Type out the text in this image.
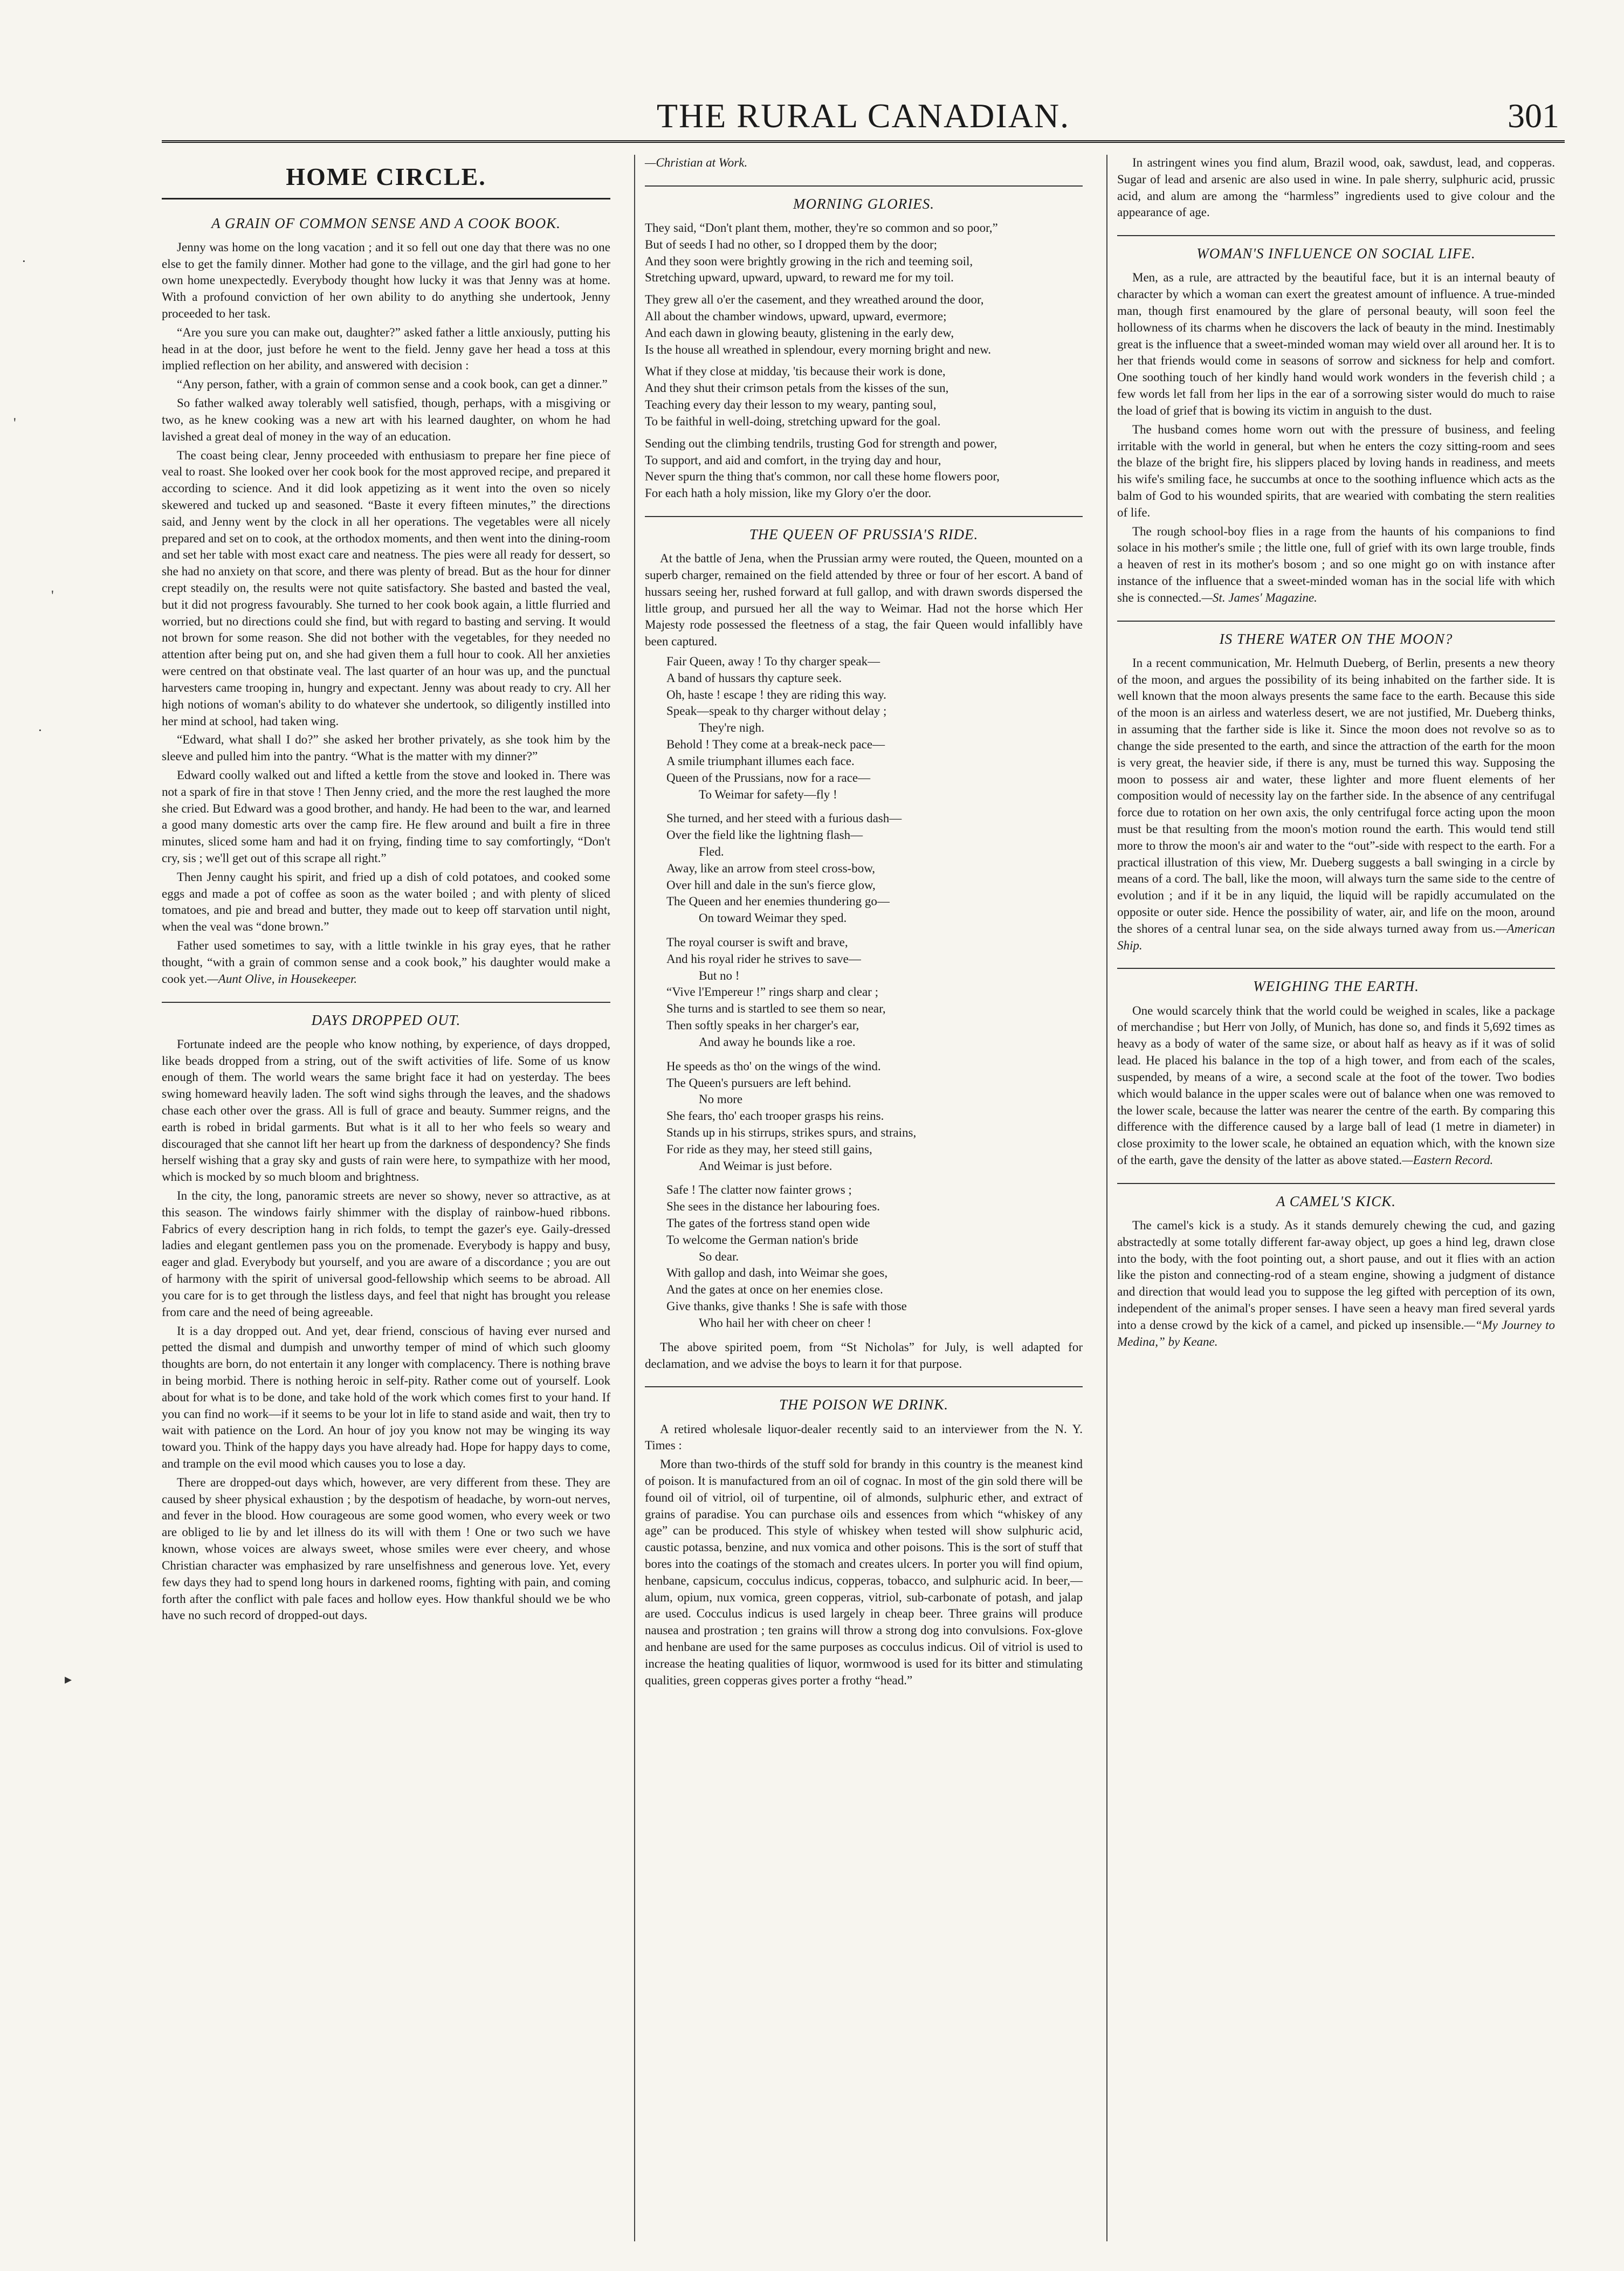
·
'
'
·
▸
THE RURAL CANADIAN.	301
HOME CIRCLE.
A GRAIN OF COMMON SENSE AND A COOK BOOK.

Jenny was home on the long vacation ; and it so fell out one day that there was no one else to get the family dinner. Mother had gone to the village, and the girl had gone to her own home unexpectedly. Everybody thought how lucky it was that Jenny was at home. With a profound conviction of her own ability to do anything she undertook, Jenny proceeded to her task.

“Are you sure you can make out, daughter?” asked father a little anxiously, putting his head in at the door, just before he went to the field. Jenny gave her head a toss at this implied reflection on her ability, and answered with decision :

“Any person, father, with a grain of common sense and a cook book, can get a dinner.”

So father walked away tolerably well satisfied, though, perhaps, with a misgiving or two, as he knew cooking was a new art with his learned daughter, on whom he had lavished a great deal of money in the way of an education.

The coast being clear, Jenny proceeded with enthusiasm to prepare her fine piece of veal to roast. She looked over her cook book for the most approved recipe, and prepared it according to science. And it did look appetizing as it went into the oven so nicely skewered and tucked up and seasoned. “Baste it every fifteen minutes,” the directions said, and Jenny went by the clock in all her operations. The vegetables were all nicely prepared and set on to cook, at the orthodox moments, and then went into the dining-room and set her table with most exact care and neatness. The pies were all ready for dessert, so she had no anxiety on that score, and there was plenty of bread. But as the hour for dinner crept steadily on, the results were not quite satisfactory. She basted and basted the veal, but it did not progress favourably. She turned to her cook book again, a little flurried and worried, but no directions could she find, but with regard to basting and serving. It would not brown for some reason. She did not bother with the vegetables, for they needed no attention after being put on, and she had given them a full hour to cook. All her anxieties were centred on that obstinate veal. The last quarter of an hour was up, and the punctual harvesters came trooping in, hungry and expectant. Jenny was about ready to cry. All her high notions of woman's ability to do whatever she undertook, so diligently instilled into her mind at school, had taken wing.

“Edward, what shall I do?” she asked her brother privately, as she took him by the sleeve and pulled him into the pantry. “What is the matter with my dinner?”

Edward coolly walked out and lifted a kettle from the stove and looked in. There was not a spark of fire in that stove ! Then Jenny cried, and the more the rest laughed the more she cried. But Edward was a good brother, and handy. He had been to the war, and learned a good many domestic arts over the camp fire. He flew around and built a fire in three minutes, sliced some ham and had it on frying, finding time to say comfortingly, “Don't cry, sis ; we'll get out of this scrape all right.”

Then Jenny caught his spirit, and fried up a dish of cold potatoes, and cooked some eggs and made a pot of coffee as soon as the water boiled ; and with plenty of sliced tomatoes, and pie and bread and butter, they made out to keep off starvation until night, when the veal was “done brown.”

Father used sometimes to say, with a little twinkle in his gray eyes, that he rather thought, “with a grain of common sense and a cook book,” his daughter would make a cook yet.—Aunt Olive, in Housekeeper.

DAYS DROPPED OUT.

Fortunate indeed are the people who know nothing, by experience, of days dropped, like beads dropped from a string, out of the swift activities of life. Some of us know enough of them. The world wears the same bright face it had on yesterday. The bees swing homeward heavily laden. The soft wind sighs through the leaves, and the shadows chase each other over the grass. All is full of grace and beauty. Summer reigns, and the earth is robed in bridal garments. But what is it all to her who feels so weary and discouraged that she cannot lift her heart up from the darkness of despondency? She finds herself wishing that a gray sky and gusts of rain were here, to sympathize with her mood, which is mocked by so much bloom and brightness.

In the city, the long, panoramic streets are never so showy, never so attractive, as at this season. The windows fairly shimmer with the display of rainbow-hued ribbons. Fabrics of every description hang in rich folds, to tempt the gazer's eye. Gaily-dressed ladies and elegant gentlemen pass you on the promenade. Everybody is happy and busy, eager and glad. Everybody but yourself, and you are aware of a discordance ; you are out of harmony with the spirit of universal good-fellowship which seems to be abroad. All you care for is to get through the listless days, and feel that night has brought you release from care and the need of being agreeable.

It is a day dropped out. And yet, dear friend, conscious of having ever nursed and petted the dismal and dumpish and unworthy temper of mind of which such gloomy thoughts are born, do not entertain it any longer with complacency. There is nothing brave in being morbid. There is nothing heroic in self-pity. Rather come out of yourself. Look about for what is to be done, and take hold of the work which comes first to your hand. If you can find no work—if it seems to be your lot in life to stand aside and wait, then try to wait with patience on the Lord. An hour of joy you know not may be winging its way toward you. Think of the happy days you have already had. Hope for happy days to come, and trample on the evil mood which causes you to lose a day.

There are dropped-out days which, however, are very different from these. They are caused by sheer physical exhaustion ; by the despotism of headache, by worn-out nerves, and fever in the blood. How courageous are some good women, who every week or two are obliged to lie by and let illness do its will with them ! One or two such we have known, whose voices are always sweet, whose smiles were ever cheery, and whose Christian character was emphasized by rare unselfishness and generous love. Yet, every few days they had to spend long hours in darkened rooms, fighting with pain, and coming forth after the conflict with pale faces and hollow eyes. How thankful should we be who have no such record of dropped-out days.

—Christian at Work.

MORNING GLORIES.
They said, “Don't plant them, mother, they're so common and so poor,”
But of seeds I had no other, so I dropped them by the door;
And they soon were brightly growing in the rich and teeming soil,
Stretching upward, upward, upward, to reward me for my toil.
They grew all o'er the casement, and they wreathed around the door,
All about the chamber windows, upward, upward, evermore;
And each dawn in glowing beauty, glistening in the early dew,
Is the house all wreathed in splendour, every morning bright and new.
What if they close at midday, 'tis because their work is done,
And they shut their crimson petals from the kisses of the sun,
Teaching every day their lesson to my weary, panting soul,
To be faithful in well-doing, stretching upward for the goal.
Sending out the climbing tendrils, trusting God for strength and power,
To support, and aid and comfort, in the trying day and hour,
Never spurn the thing that's common, nor call these home flowers poor,
For each hath a holy mission, like my Glory o'er the door.
THE QUEEN OF PRUSSIA'S RIDE.

At the battle of Jena, when the Prussian army were routed, the Queen, mounted on a superb charger, remained on the field attended by three or four of her escort. A band of hussars seeing her, rushed forward at full gallop, and with drawn swords dispersed the little group, and pursued her all the way to Weimar. Had not the horse which Her Majesty rode possessed the fleetness of a stag, the fair Queen would infallibly have been captured.

Fair Queen, away ! To thy charger speak—
A band of hussars thy capture seek.
Oh, haste ! escape ! they are riding this way.
Speak—speak to thy charger without delay ;
They're nigh.
Behold ! They come at a break-neck pace—
A smile triumphant illumes each face.
Queen of the Prussians, now for a race—
To Weimar for safety—fly !
She turned, and her steed with a furious dash—
Over the field like the lightning flash—
Fled.
Away, like an arrow from steel cross-bow,
Over hill and dale in the sun's fierce glow,
The Queen and her enemies thundering go—
On toward Weimar they sped.
The royal courser is swift and brave,
And his royal rider he strives to save—
But no !
“Vive l'Empereur !” rings sharp and clear ;
She turns and is startled to see them so near,
Then softly speaks in her charger's ear,
And away he bounds like a roe.
He speeds as tho' on the wings of the wind.
The Queen's pursuers are left behind.
No more
She fears, tho' each trooper grasps his reins.
Stands up in his stirrups, strikes spurs, and strains,
For ride as they may, her steed still gains,
And Weimar is just before.
Safe ! The clatter now fainter grows ;
She sees in the distance her labouring foes.
The gates of the fortress stand open wide
To welcome the German nation's bride
So dear.
With gallop and dash, into Weimar she goes,
And the gates at once on her enemies close.
Give thanks, give thanks ! She is safe with those
Who hail her with cheer on cheer !

The above spirited poem, from “St Nicholas” for July, is well adapted for declamation, and we advise the boys to learn it for that purpose.

THE POISON WE DRINK.

A retired wholesale liquor-dealer recently said to an interviewer from the N. Y. Times :

More than two-thirds of the stuff sold for brandy in this country is the meanest kind of poison. It is manufactured from an oil of cognac. In most of the gin sold there will be found oil of vitriol, oil of turpentine, oil of almonds, sulphuric ether, and extract of grains of paradise. You can purchase oils and essences from which “whiskey of any age” can be produced. This style of whiskey when tested will show sulphuric acid, caustic potassa, benzine, and nux vomica and other poisons. This is the sort of stuff that bores into the coatings of the stomach and creates ulcers. In porter you will find opium, henbane, capsicum, cocculus indicus, copperas, tobacco, and sulphuric acid. In beer,—alum, opium, nux vomica, green copperas, vitriol, sub-carbonate of potash, and jalap are used. Cocculus indicus is used largely in cheap beer. Three grains will produce nausea and prostration ; ten grains will throw a strong dog into convulsions. Fox-glove and henbane are used for the same purposes as cocculus indicus. Oil of vitriol is used to increase the heating qualities of liquor, wormwood is used for its bitter and stimulating qualities, green copperas gives porter a frothy “head.”

In astringent wines you find alum, Brazil wood, oak, sawdust, lead, and copperas. Sugar of lead and arsenic are also used in wine. In pale sherry, sulphuric acid, prussic acid, and alum are among the “harmless” ingredients used to give colour and the appearance of age.

WOMAN'S INFLUENCE ON SOCIAL LIFE.

Men, as a rule, are attracted by the beautiful face, but it is an internal beauty of character by which a woman can exert the greatest amount of influence. A true-minded man, though first enamoured by the glare of personal beauty, will soon feel the hollowness of its charms when he discovers the lack of beauty in the mind. Inestimably great is the influence that a sweet-minded woman may wield over all around her. It is to her that friends would come in seasons of sorrow and sickness for help and comfort. One soothing touch of her kindly hand would work wonders in the feverish child ; a few words let fall from her lips in the ear of a sorrowing sister would do much to raise the load of grief that is bowing its victim in anguish to the dust.

The husband comes home worn out with the pressure of business, and feeling irritable with the world in general, but when he enters the cozy sitting-room and sees the blaze of the bright fire, his slippers placed by loving hands in readiness, and meets his wife's smiling face, he succumbs at once to the soothing influence which acts as the balm of God to his wounded spirits, that are wearied with combating the stern realities of life.

The rough school-boy flies in a rage from the haunts of his companions to find solace in his mother's smile ; the little one, full of grief with its own large trouble, finds a heaven of rest in its mother's bosom ; and so one might go on with instance after instance of the influence that a sweet-minded woman has in the social life with which she is connected.—St. James' Magazine.

IS THERE WATER ON THE MOON?

In a recent communication, Mr. Helmuth Dueberg, of Berlin, presents a new theory of the moon, and argues the possibility of its being inhabited on the farther side. It is well known that the moon always presents the same face to the earth. Because this side of the moon is an airless and waterless desert, we are not justified, Mr. Dueberg thinks, in assuming that the farther side is like it. Since the moon does not revolve so as to change the side presented to the earth, and since the attraction of the earth for the moon is very great, the heavier side, if there is any, must be turned this way. Supposing the moon to possess air and water, these lighter and more fluent elements of her composition would of necessity lay on the farther side. In the absence of any centrifugal force due to rotation on her own axis, the only centrifugal force acting upon the moon must be that resulting from the moon's motion round the earth. This would tend still more to throw the moon's air and water to the “out”-side with respect to the earth. For a practical illustration of this view, Mr. Dueberg suggests a ball swinging in a circle by means of a cord. The ball, like the moon, will always turn the same side to the centre of evolution ; and if it be in any liquid, the liquid will be rapidly accumulated on the opposite or outer side. Hence the possibility of water, air, and life on the moon, around the shores of a central lunar sea, on the side always turned away from us.—American Ship.

WEIGHING THE EARTH.

One would scarcely think that the world could be weighed in scales, like a package of merchandise ; but Herr von Jolly, of Munich, has done so, and finds it 5,692 times as heavy as a body of water of the same size, or about half as heavy as if it was of solid lead. He placed his balance in the top of a high tower, and from each of the scales, suspended, by means of a wire, a second scale at the foot of the tower. Two bodies which would balance in the upper scales were out of balance when one was removed to the lower scale, because the latter was nearer the centre of the earth. By comparing this difference with the difference caused by a large ball of lead (1 metre in diameter) in close proximity to the lower scale, he obtained an equation which, with the known size of the earth, gave the density of the latter as above stated.—Eastern Record.

A CAMEL'S KICK.

The camel's kick is a study. As it stands demurely chewing the cud, and gazing abstractedly at some totally different far-away object, up goes a hind leg, drawn close into the body, with the foot pointing out, a short pause, and out it flies with an action like the piston and connecting-rod of a steam engine, showing a judgment of distance and direction that would lead you to suppose the leg gifted with perception of its own, independent of the animal's proper senses. I have seen a heavy man fired several yards into a dense crowd by the kick of a camel, and picked up insensible.—“My Journey to Medina,” by Keane.
